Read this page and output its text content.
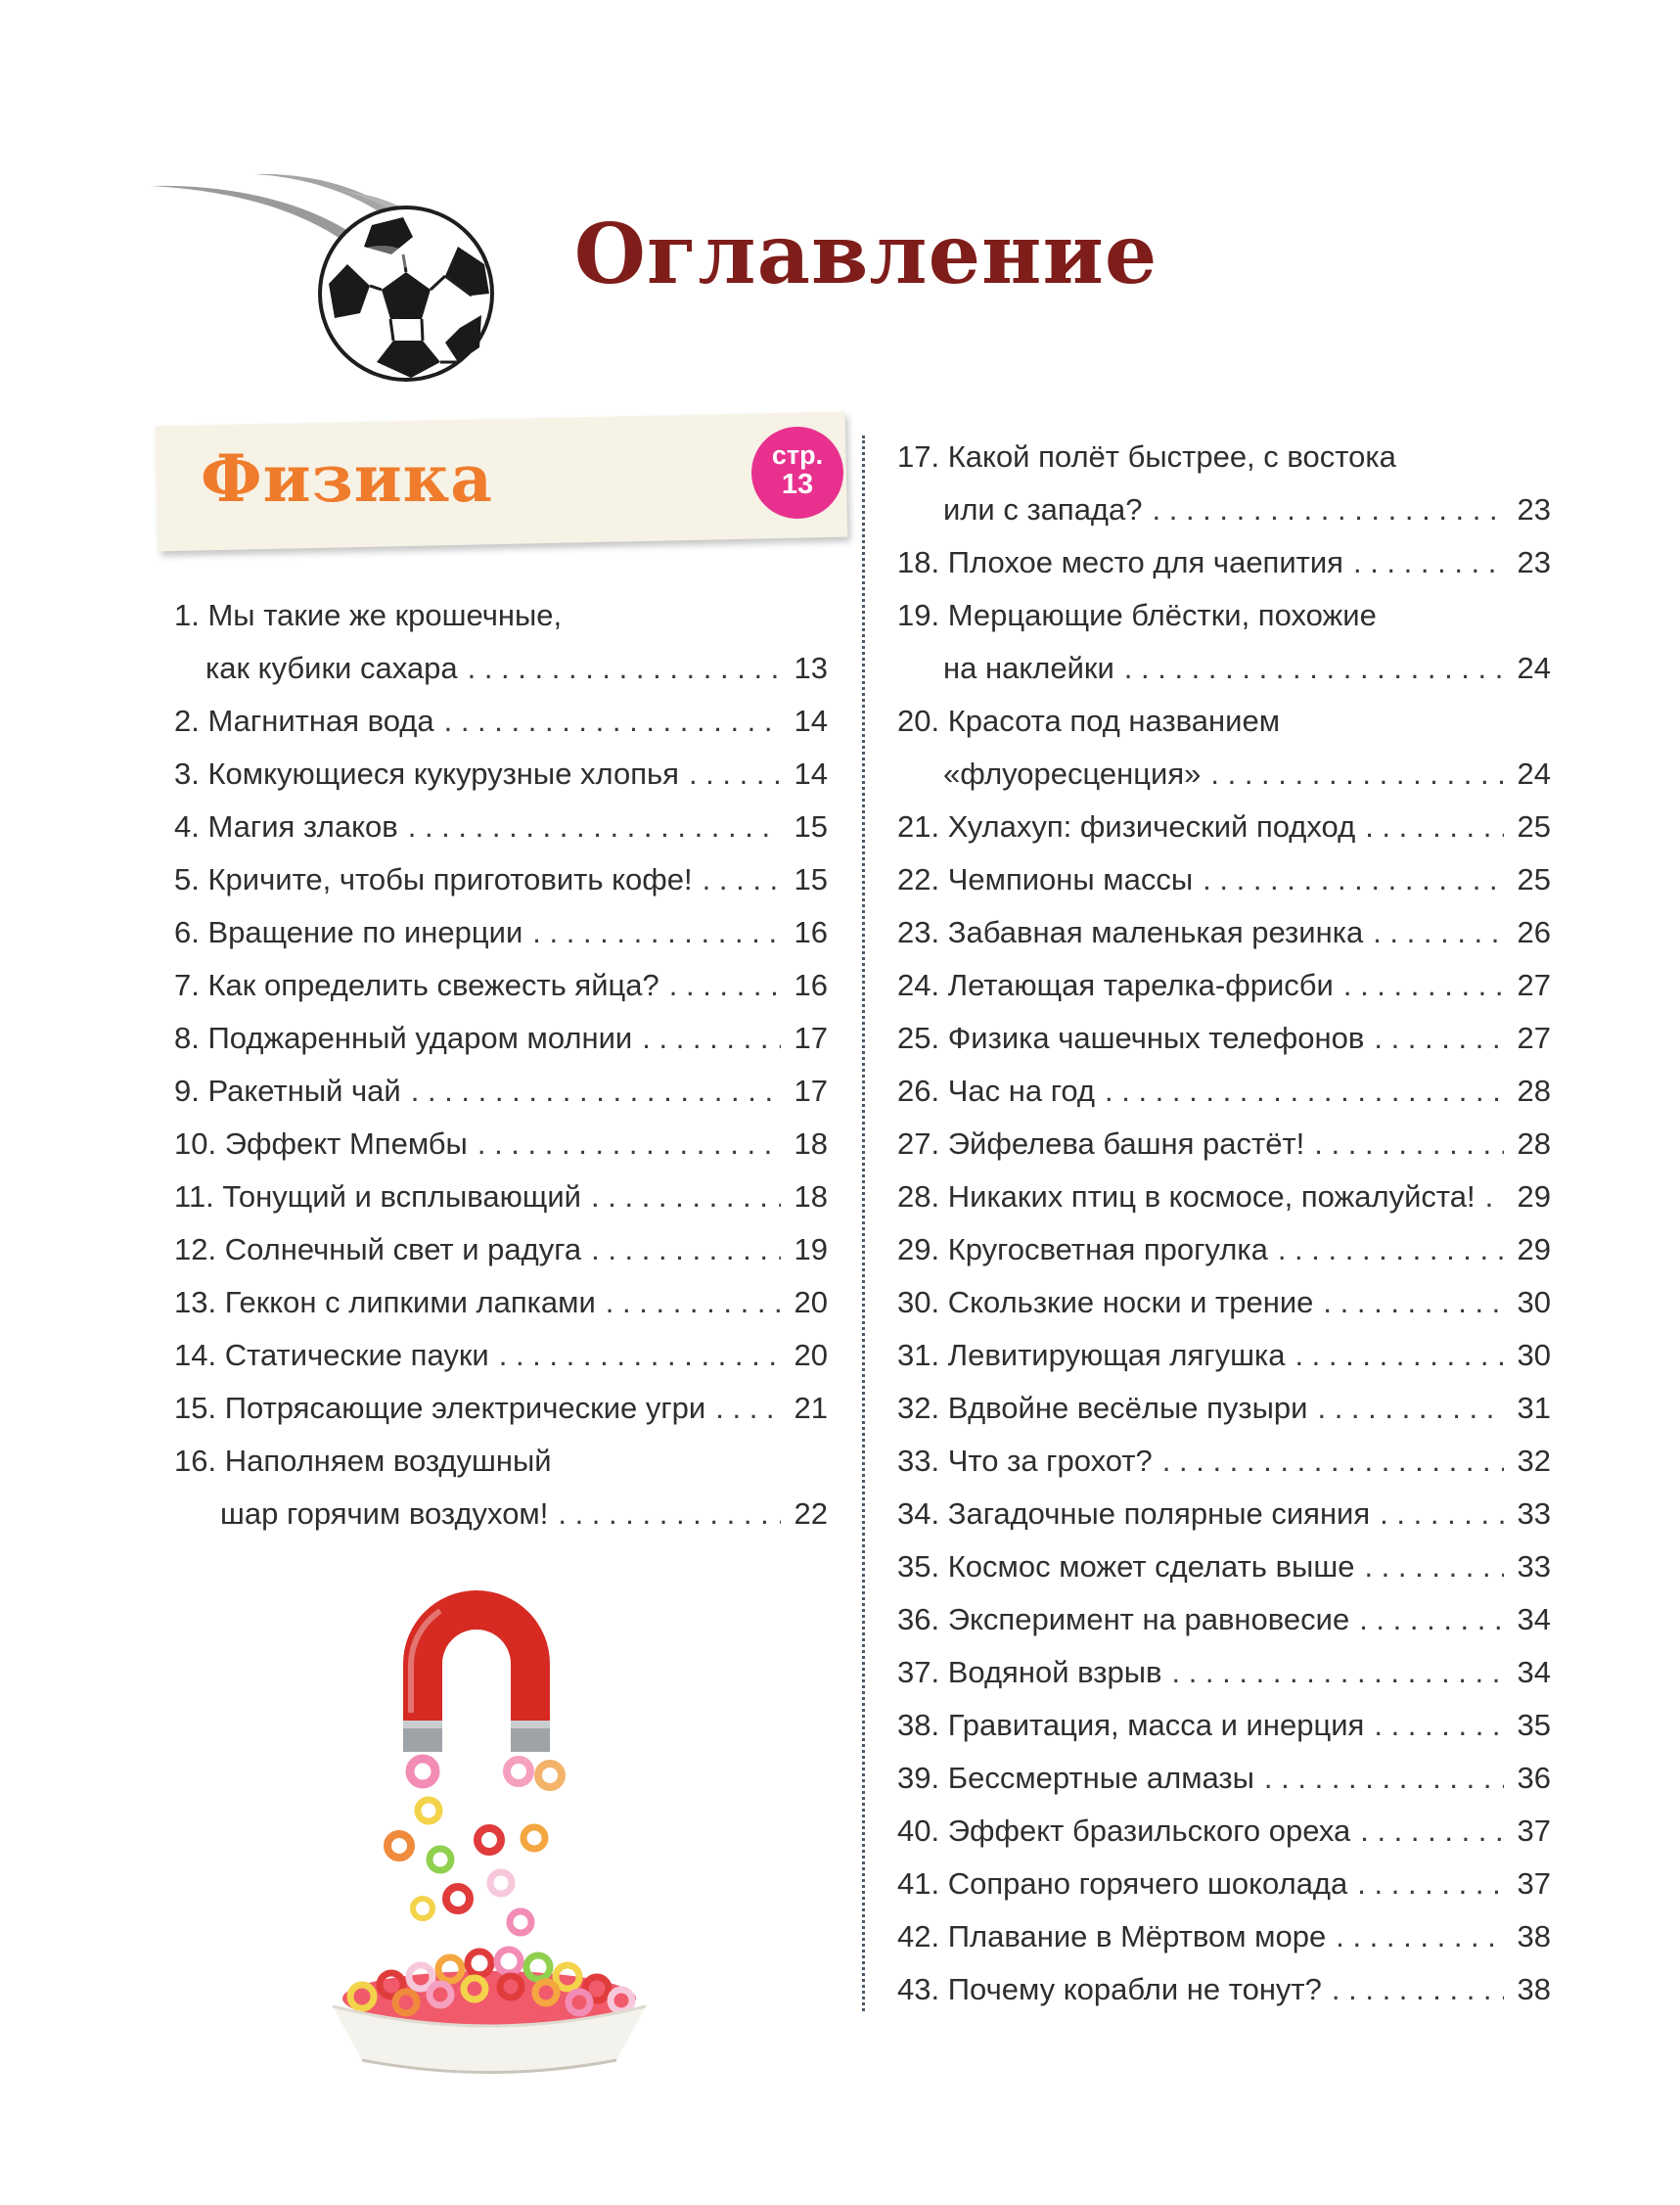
Оглавление
Физика	стр.
13
1.
Мы такие же крошечные,
как кубики сахара . . .	13
2.
Магнитная вода . . .	14
3.
Комкующиеся кукурузные хлопья . . .	14
4.
Магия злаков . . .	15
5.
Кричите, чтобы приготовить кофе! . . .	15
6.
Вращение по инерции . . .	16
7.
Как определить свежесть яйца? . . .	16
8.
Поджаренный ударом молнии . . .	17
9.
Ракетный чай . . .	17
10.
Эффект Мпембы . . .	18
11.
Тонущий и всплывающий . . .	18
12.
Солнечный свет и радуга . . .	19
13.
Геккон с липкими лапками . . .	20
14.
Статические пауки . . .	20
15.
Потрясающие электрические угри . . .	21
16.
Наполняем воздушный
шар горячим воздухом! . . .	22
17.
Какой полёт быстрее, с востока
или с запада? . . .	23
18.
Плохое место для чаепития . . .	23
19.
Мерцающие блёстки, похожие
на наклейки . . .	24
20.
Красота под названием
«флуоресценция» . . .	24
21.
Хулахуп: физический подход . . .	25
22.
Чемпионы массы . . .	25
23.
Забавная маленькая резинка . . .	26
24.
Летающая тарелка-фрисби . . .	27
25.
Физика чашечных телефонов . . .	27
26.
Час на год . . .	28
27.
Эйфелева башня растёт! . . .	28
28.
Никаких птиц в космосе, пожалуйста! . . . 29
29.
Кругосветная прогулка . . .	29
30.
Скользкие носки и трение . . .	30
31.
Левитирующая лягушка . . .	30
32.
Вдвойне весёлые пузыри . . .	31
33.
Что за грохот? . . .	32
34.
Загадочные полярные сияния . . .	33
35.
Космос может сделать выше . . .	33
36.
Эксперимент на равновесие . . .	34
37.
Водяной взрыв . . .	34
38.
Гравитация, масса и инерция . . .	35
39.
Бессмертные алмазы . . .	36
40.
Эффект бразильского ореха . . .	37
41.
Сопрано горячего шоколада . . .	37
42.
Плавание в Мёртвом море . . .	38
43.
Почему корабли не тонут? . . .	38
